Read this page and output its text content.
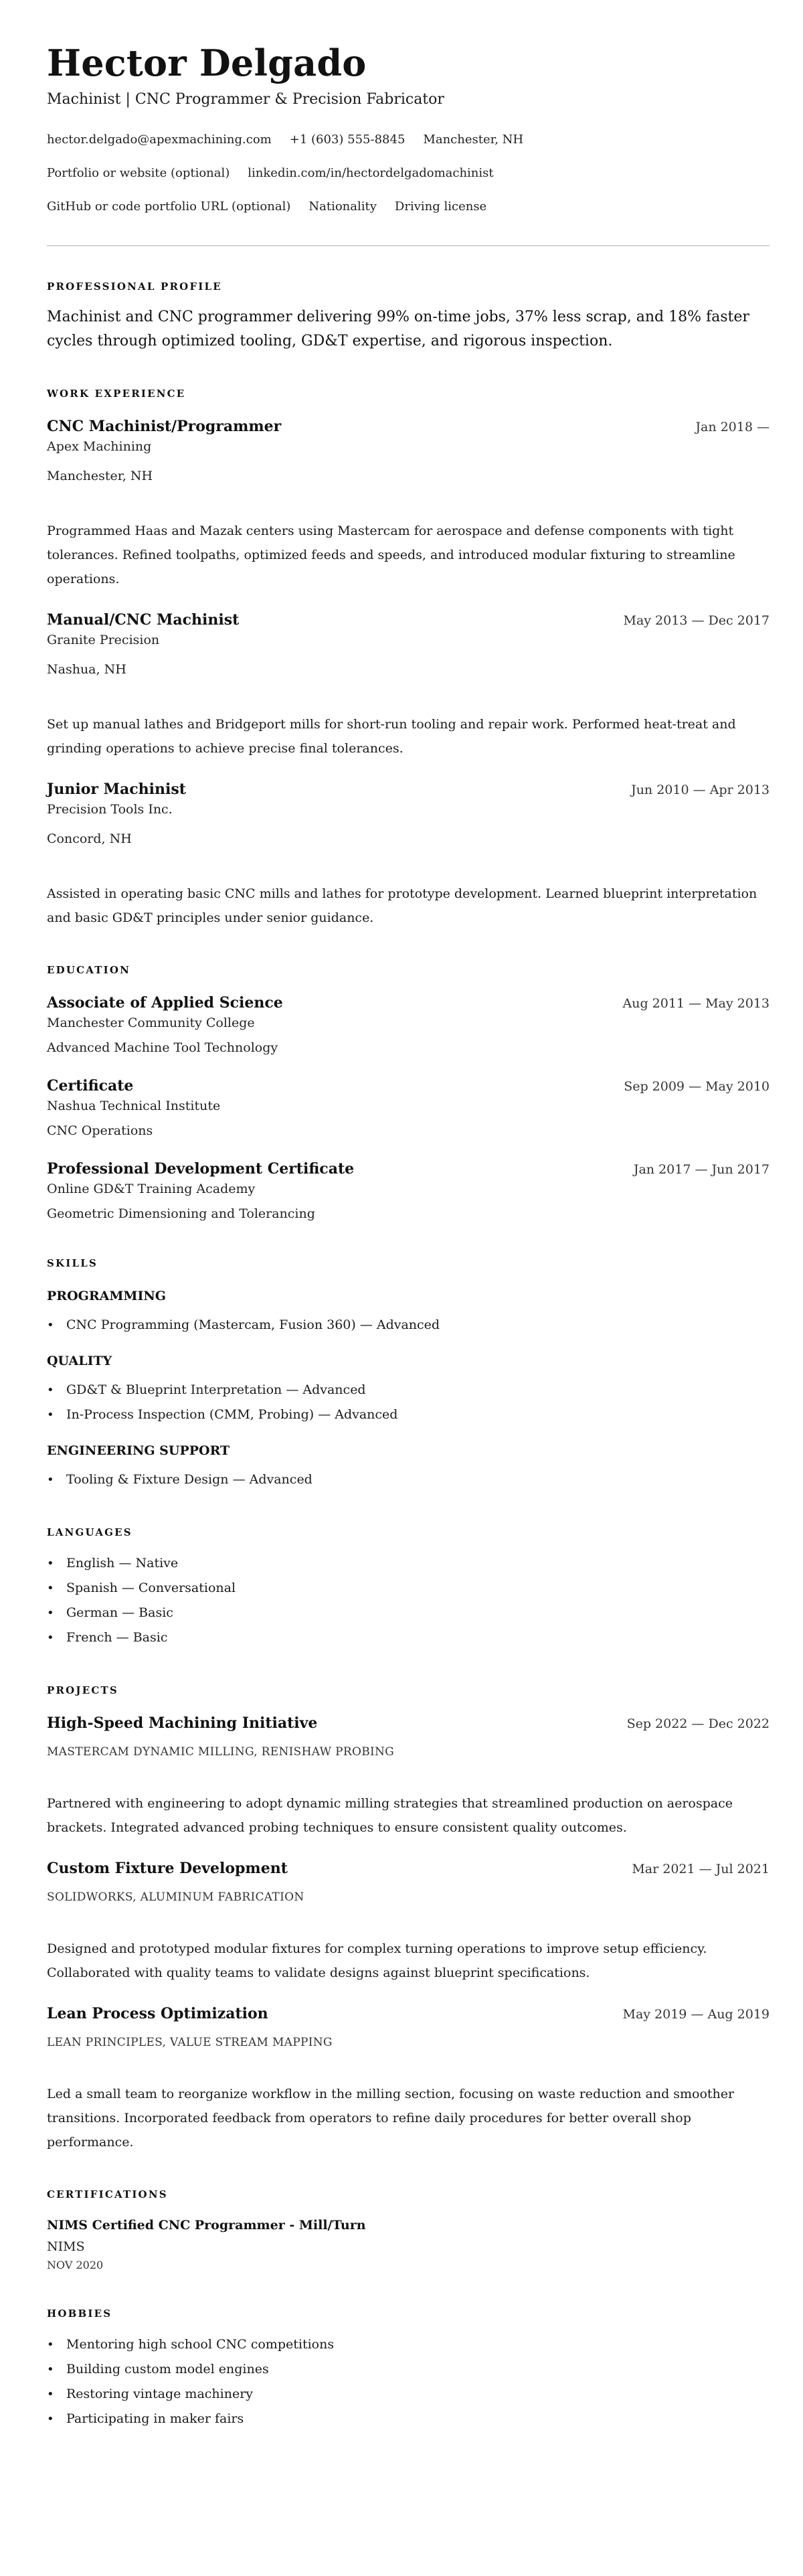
Hector Delgado
Machinist | CNC Programmer & Precision Fabricator
hector.delgado@apexmachining.com +1 (603) 555-8845 Manchester, NH
Portfolio or website (optional) linkedin.com/in/hectordelgadomachinist
GitHub or code portfolio URL (optional) Nationality Driving license
PROFESSIONAL PROFILE

Machinist and CNC programmer delivering 99% on-time jobs, 37% less scrap, and 18% faster cycles through optimized tooling, GD&T expertise, and rigorous inspection.

WORK EXPERIENCE
CNC Machinist/Programmer	Jan 2018 —
Apex Machining
Manchester, NH

Programmed Haas and Mazak centers using Mastercam for aerospace and defense components with tight tolerances. Refined toolpaths, optimized feeds and speeds, and introduced modular fixturing to streamline operations.

Manual/CNC Machinist	May 2013 — Dec 2017
Granite Precision
Nashua, NH

Set up manual lathes and Bridgeport mills for short-run tooling and repair work. Performed heat-treat and grinding operations to achieve precise final tolerances.

Junior Machinist	Jun 2010 — Apr 2013
Precision Tools Inc.
Concord, NH

Assisted in operating basic CNC mills and lathes for prototype development. Learned blueprint interpretation and basic GD&T principles under senior guidance.

EDUCATION
Associate of Applied Science	Aug 2011 — May 2013
Manchester Community College
Advanced Machine Tool Technology
Certificate	Sep 2009 — May 2010
Nashua Technical Institute
CNC Operations
Professional Development Certificate	Jan 2017 — Jun 2017
Online GD&T Training Academy
Geometric Dimensioning and Tolerancing
SKILLS
PROGRAMMING
• CNC Programming (Mastercam, Fusion 360) — Advanced
QUALITY
• GD&T & Blueprint Interpretation — Advanced
• In-Process Inspection (CMM, Probing) — Advanced
ENGINEERING SUPPORT
• Tooling & Fixture Design — Advanced
LANGUAGES
• English — Native
• Spanish — Conversational
• German — Basic
• French — Basic
PROJECTS
High-Speed Machining Initiative	Sep 2022 — Dec 2022
MASTERCAM DYNAMIC MILLING, RENISHAW PROBING

Partnered with engineering to adopt dynamic milling strategies that streamlined production on aerospace brackets. Integrated advanced probing techniques to ensure consistent quality outcomes.

Custom Fixture Development	Mar 2021 — Jul 2021
SOLIDWORKS, ALUMINUM FABRICATION

Designed and prototyped modular fixtures for complex turning operations to improve setup efficiency. Collaborated with quality teams to validate designs against blueprint specifications.

Lean Process Optimization	May 2019 — Aug 2019
LEAN PRINCIPLES, VALUE STREAM MAPPING

Led a small team to reorganize workflow in the milling section, focusing on waste reduction and smoother transitions. Incorporated feedback from operators to refine daily procedures for better overall shop performance.

CERTIFICATIONS
NIMS Certified CNC Programmer - Mill/Turn
NIMS
NOV 2020
HOBBIES
• Mentoring high school CNC competitions
• Building custom model engines
• Restoring vintage machinery
• Participating in maker fairs
